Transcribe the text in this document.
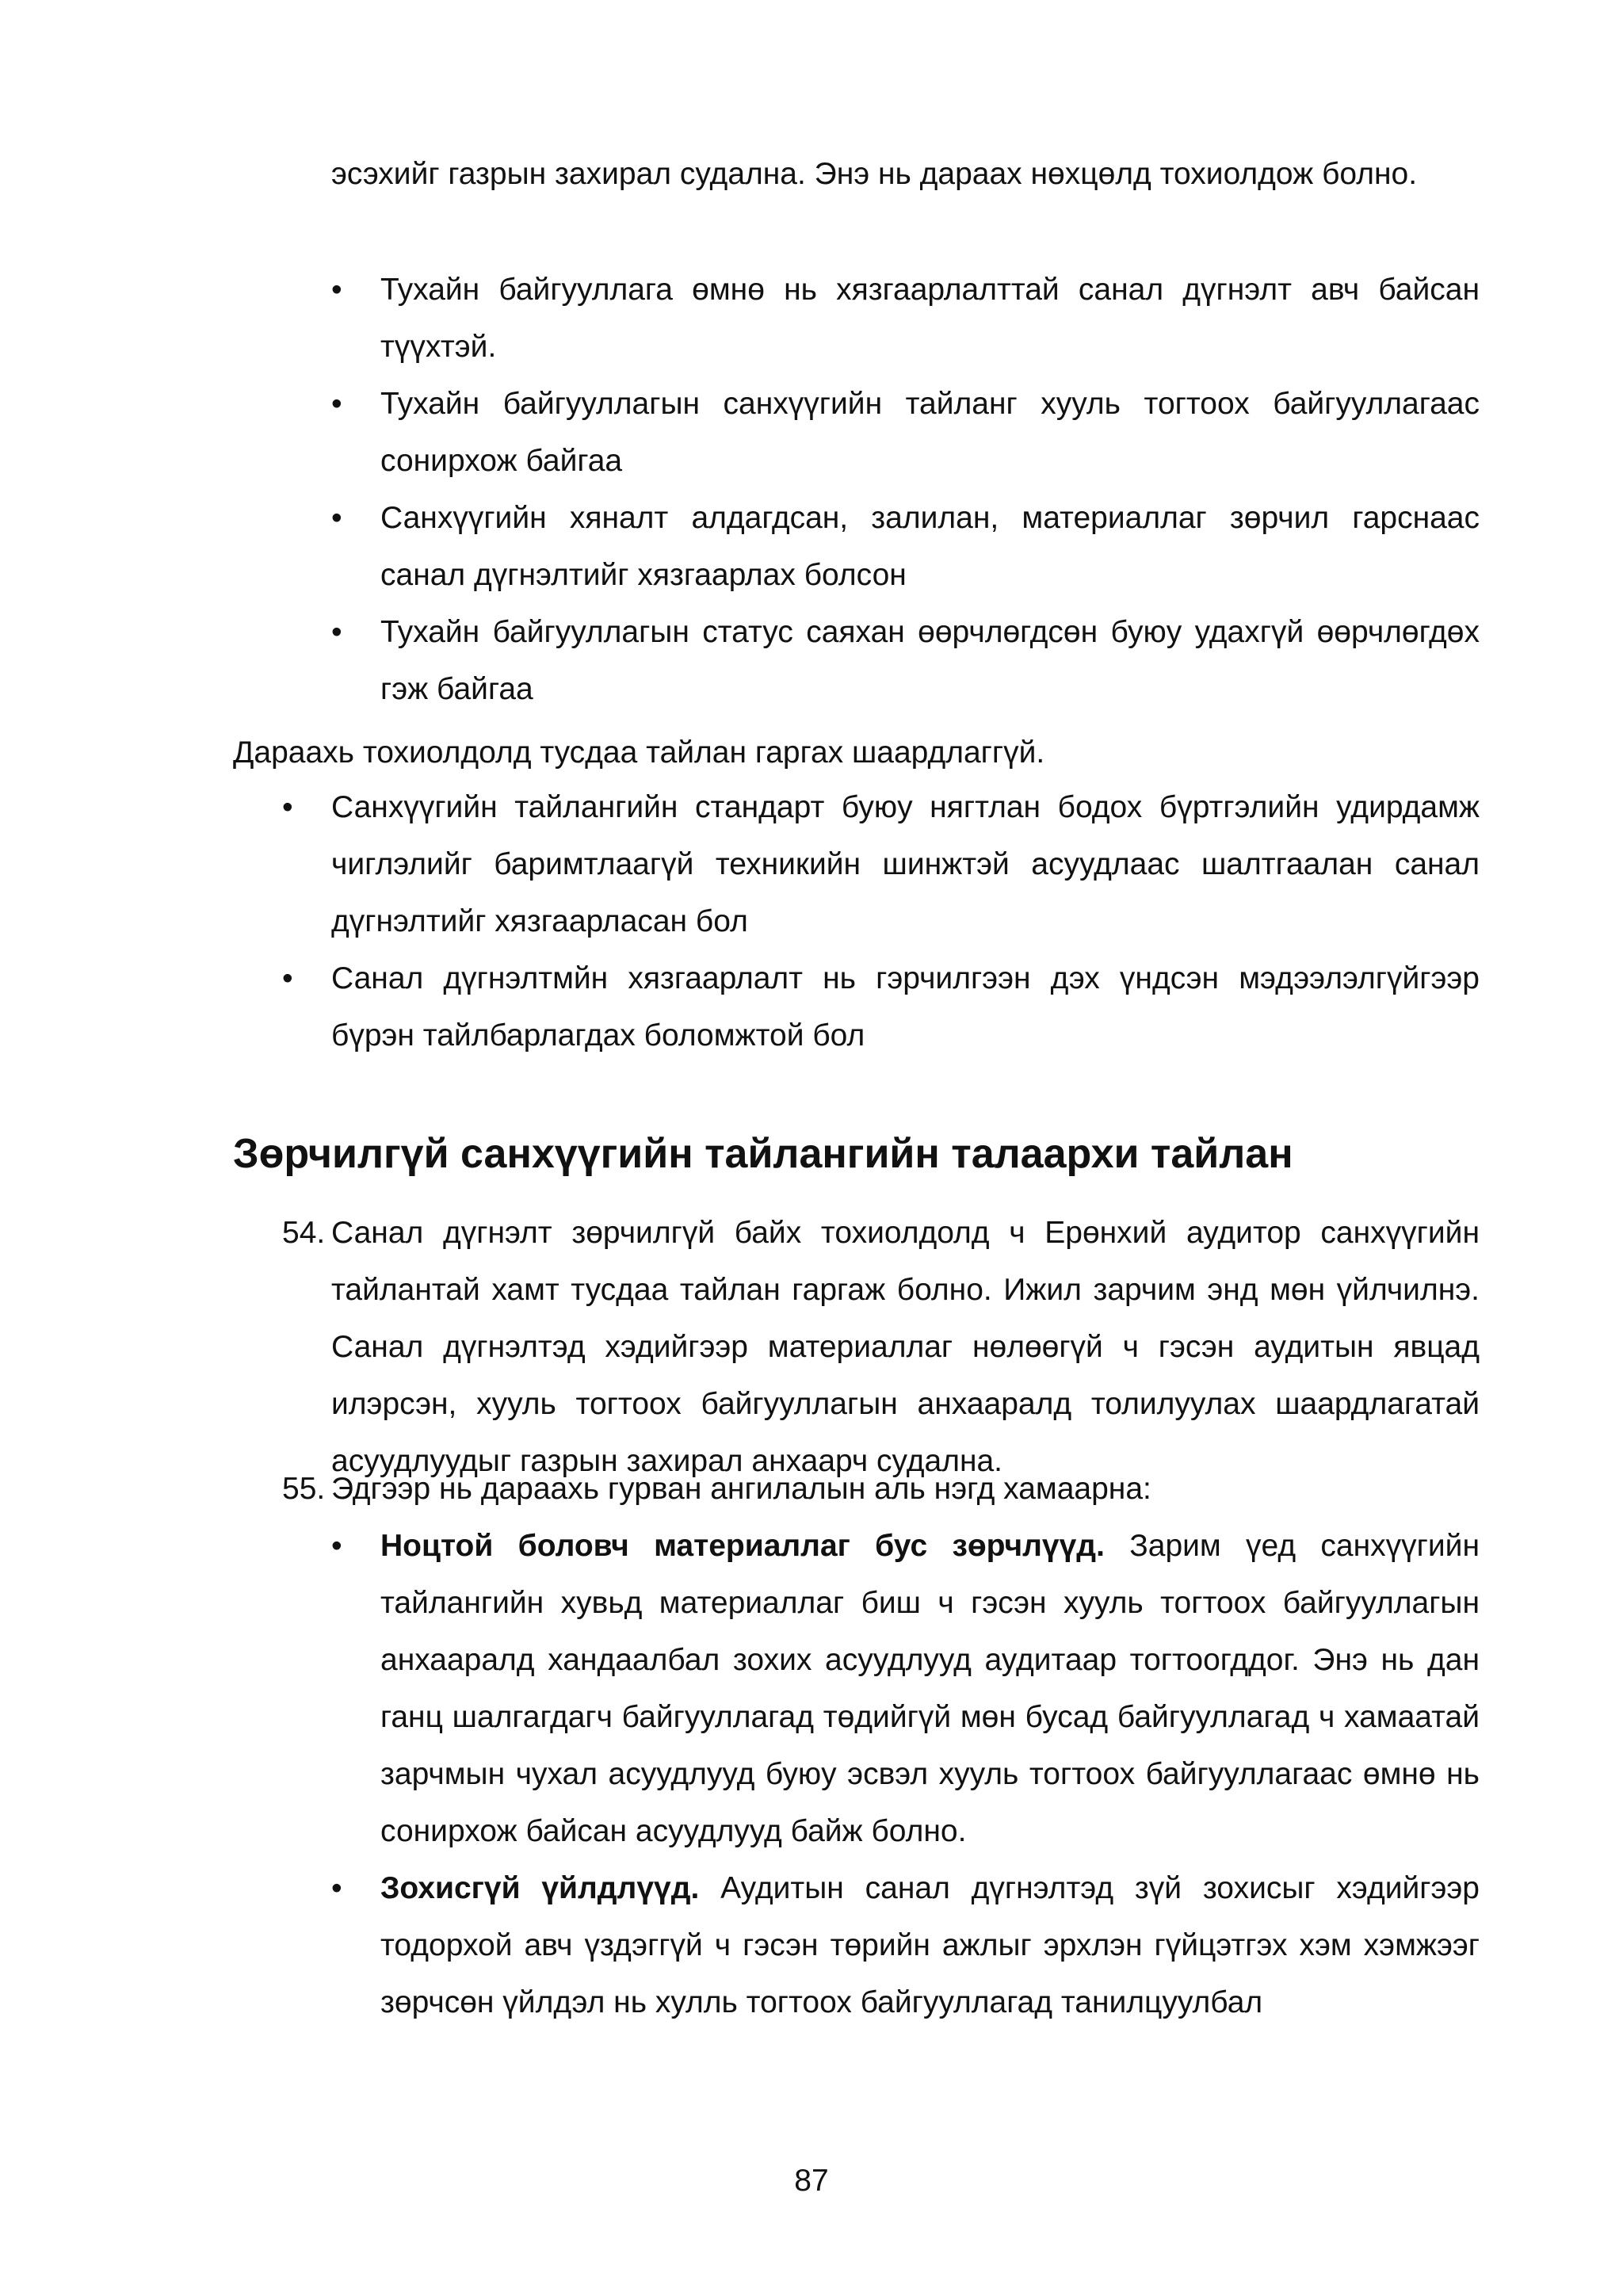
эсэхийг газрын захирал судална. Энэ нь дараах нөхцөлд тохиолдож болно.

•	Тухайн байгууллага өмнө нь хязгаарлалттай санал дүгнэлт авч байсан түүхтэй.
•	Тухайн байгууллагын санхүүгийн тайланг хууль тогтоох байгууллагаас сонирхож байгаа
•	Санхүүгийн хяналт алдагдсан, залилан, материаллаг зөрчил гарснаас санал дүгнэлтийг хязгаарлах болсон
•	Тухайн байгууллагын статус саяхан өөрчлөгдсөн буюу удахгүй өөрчлөгдөх гэж байгаа

Дараахь тохиолдолд тусдаа тайлан гаргах шаардлаггүй.

•	Санхүүгийн тайлангийн стандарт буюу нягтлан бодох бүртгэлийн удирдамж чиглэлийг баримтлаагүй техникийн шинжтэй асуудлаас шалтгаалан санал дүгнэлтийг хязгаарласан бол
•	Санал дүгнэлтмйн хязгаарлалт нь гэрчилгээн дэх үндсэн мэдээлэлгүйгээр бүрэн тайлбарлагдах боломжтой бол
Зөрчилгүй санхүүгийн тайлангийн талаархи тайлан
54. Санал дүгнэлт зөрчилгүй байх тохиолдолд ч Ерөнхий аудитор санхүүгийн тайлантай хамт тусдаа тайлан гаргаж болно. Ижил зарчим энд мөн үйлчилнэ. Санал дүгнэлтэд хэдийгээр материаллаг нөлөөгүй ч гэсэн аудитын явцад илэрсэн, хууль тогтоох байгууллагын анхааралд толилуулах шаардлагатай асуудлуудыг газрын захирал анхаарч судална.
55. Эдгээр нь дараахь гурван ангилалын аль нэгд хамаарна:
•	Ноцтой боловч материаллаг бус зөрчлүүд. Зарим үед санхүүгийн тайлангийн хувьд материаллаг биш ч гэсэн хууль тогтоох байгууллагын анхааралд хандаалбал зохих асуудлууд аудитаар тогтоогддог. Энэ нь дан ганц шалгагдагч байгууллагад төдийгүй мөн бусад байгууллагад ч хамаатай зарчмын чухал асуудлууд буюу эсвэл хууль тогтоох байгууллагаас өмнө нь сонирхож байсан асуудлууд байж болно.
•	Зохисгүй үйлдлүүд. Аудитын санал дүгнэлтэд зүй зохисыг хэдийгээр тодорхой авч үздэггүй ч гэсэн төрийн ажлыг эрхлэн гүйцэтгэх хэм хэмжээг зөрчсөн үйлдэл нь хулль тогтоох байгууллагад танилцуулбал
87
